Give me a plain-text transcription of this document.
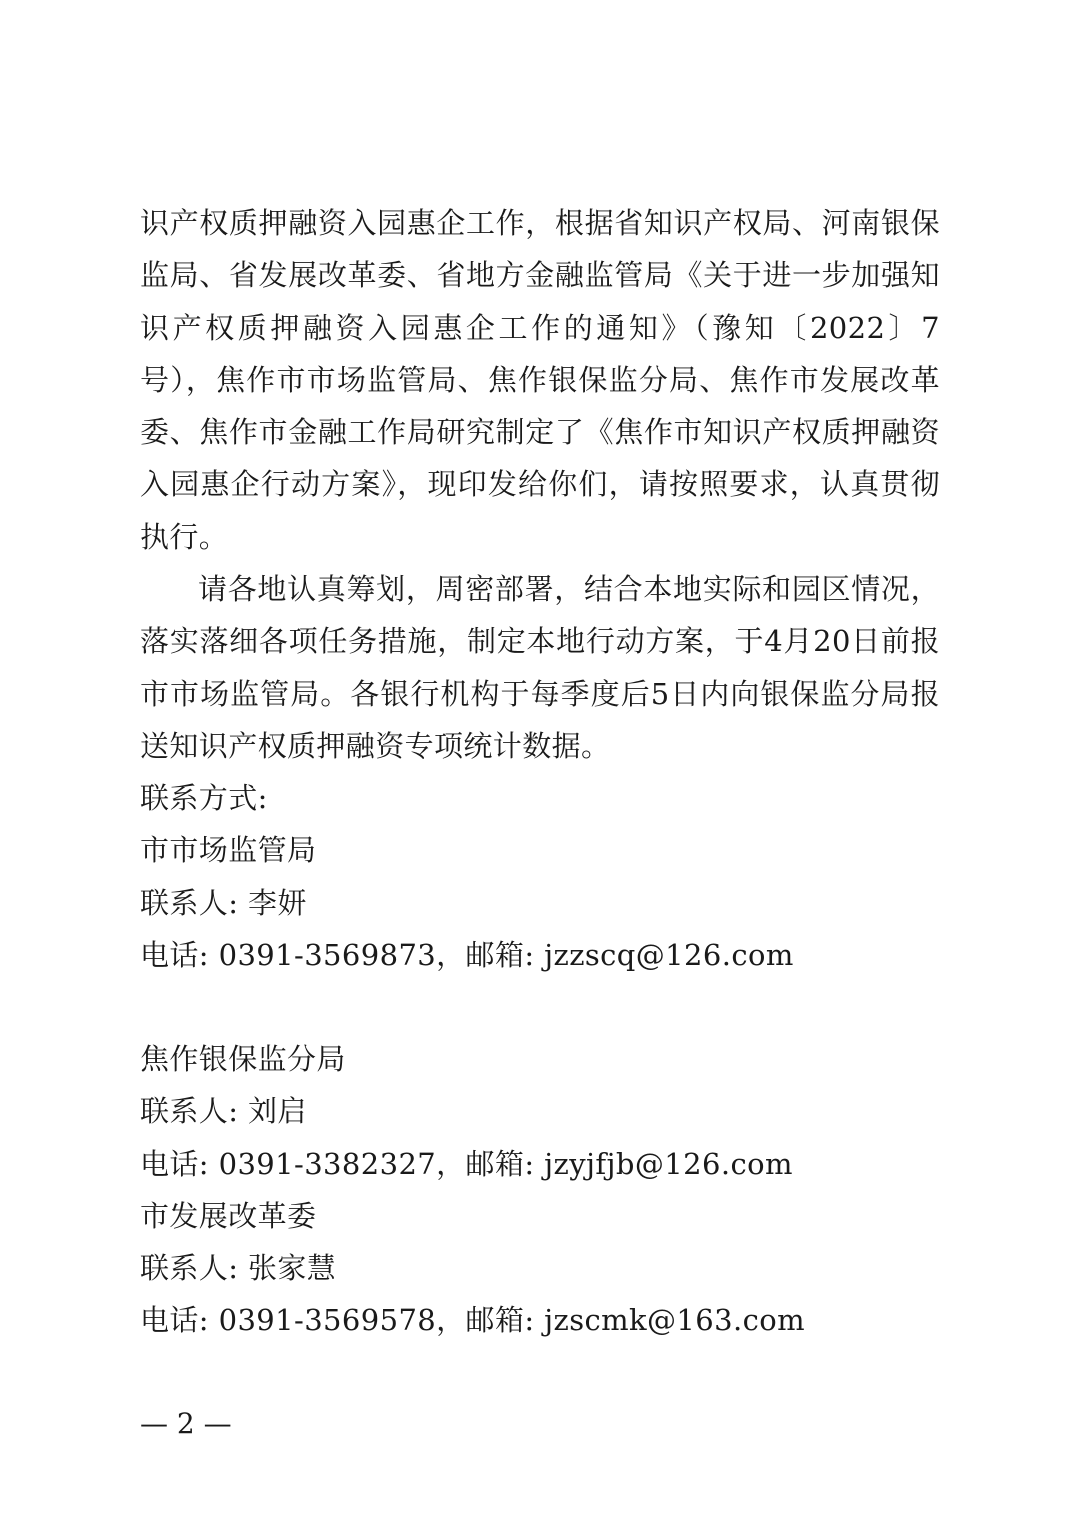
识产权质押融资入园惠企工作，根据省知识产权局、河南银保监局、省发展改革委、省地方金融监管局《关于进一步加强知识产权质押融资入园惠企工作的通知》（豫知〔2022〕7号），焦作市市场监管局、焦作银保监分局、焦作市发展改革委、焦作市金融工作局研究制定了《焦作市知识产权质押融资入园惠企行动方案》，现印发给你们，请按照要求，认真贯彻执行。

请各地认真筹划，周密部署，结合本地实际和园区情况，落实落细各项任务措施，制定本地行动方案，于4月20日前报市市场监管局。各银行机构于每季度后5日内向银保监分局报送知识产权质押融资专项统计数据。

联系方式:
市市场监管局
联系人: 李妍
电话: 0391-3569873，邮箱: jzzscq@126.com
焦作银保监分局
联系人: 刘启
电话: 0391-3382327，邮箱: jzyjfjb@126.com
市发展改革委
联系人: 张家慧
电话: 0391-3569578，邮箱: jzscmk@163.com
— 2 —
